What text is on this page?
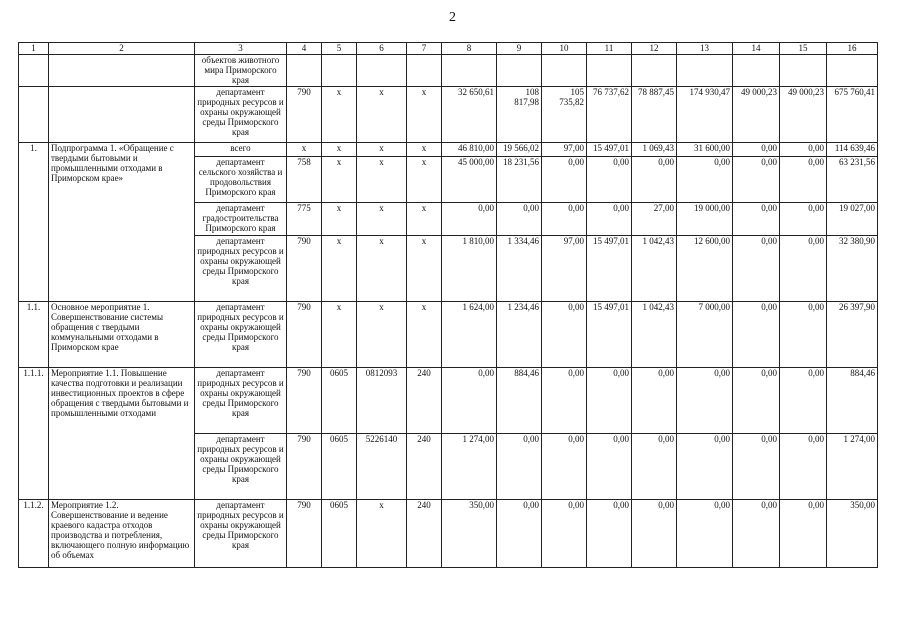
2
1	2	3	4	5	6	7	8	9	10	11	12	13	14	15	16
		объектов животного мира Приморского края													
		департамент природных ресурсов и охраны окружающей среды Приморского края	790	x	x	x	32 650,61	108 817,98	105 735,82	76 737,62	78 887,45	174 930,47	49 000,23	49 000,23	675 760,41
1.	Подпрограмма 1. «Обращение с твердыми бытовыми и промышленными отходами в Приморском крае»	всего	x	x	x	x	46 810,00	19 566,02	97,00	15 497,01	1 069,43	31 600,00	0,00	0,00	114 639,46
		департамент сельского хозяйства и продовольствия Приморского края	758	x	x	x	45 000,00	18 231,56	0,00	0,00	0,00	0,00	0,00	0,00	63 231,56
		департамент градостроительства Приморского края	775	x	x	x	0,00	0,00	0,00	0,00	27,00	19 000,00	0,00	0,00	19 027,00
		департамент природных ресурсов и охраны окружающей среды Приморского края	790	x	x	x	1 810,00	1 334,46	97,00	15 497,01	1 042,43	12 600,00	0,00	0,00	32 380,90
1.1.	Основное мероприятие 1. Совершенствование системы обращения с твердыми коммунальными отходами в Приморском крае	департамент природных ресурсов и охраны окружающей среды Приморского края	790	x	x	x	1 624,00	1 234,46	0,00	15 497,01	1 042,43	7 000,00	0,00	0,00	26 397,90
1.1.1.	Мероприятие 1.1. Повышение качества подготовки и реализации инвестиционных проектов в сфере обращения с твердыми бытовыми и промышленными отходами	департамент природных ресурсов и охраны окружающей среды Приморского края	790	0605	0812093	240	0,00	884,46	0,00	0,00	0,00	0,00	0,00	0,00	884,46
		департамент природных ресурсов и охраны окружающей среды Приморского края	790	0605	5226140	240	1 274,00	0,00	0,00	0,00	0,00	0,00	0,00	0,00	1 274,00
1.1.2.	Мероприятие 1.2. Совершенствование и ведение краевого кадастра отходов производства и потребления, включающего полную информацию об объемах	департамент природных ресурсов и охраны окружающей среды Приморского края	790	0605	x	240	350,00	0,00	0,00	0,00	0,00	0,00	0,00	0,00	350,00
